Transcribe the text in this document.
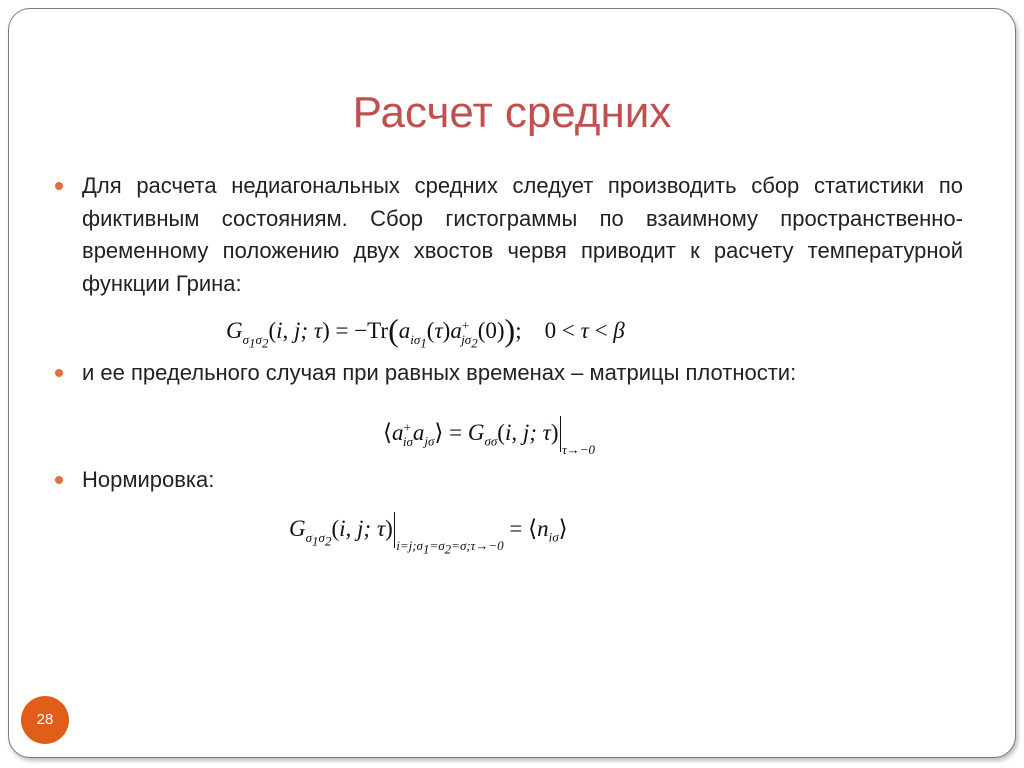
Расчет средних
Для расчета недиагональных средних следует производить сбор статистики по фиктивным состояниям. Сбор гистограммы по взаимному пространственно-временному положению двух хвостов червя приводит к расчету температурной функции Грина:
$G_{\sigma_1\sigma_2}(i$, j; $\tau) = -Tr(a_{i\sigma_1}(\tau)a^+_{j\sigma_2}(0))$;    0 < τ < β
и ее предельного случая при равных временах – матрицы плотности:
$⟨a^+_{i\sigma}a_{j\sigma}⟩ = G_{\sigma\sigma}(i$, j; $\tau)_{\tau\to-0}$
Нормировка:
$G_{\sigma_1\sigma_2}(i$, j; $\tau)_{i=j;\sigma_1=\sigma_2=\sigma;\tau\to-0}$ = $⟨n_{i\sigma}⟩$
28
